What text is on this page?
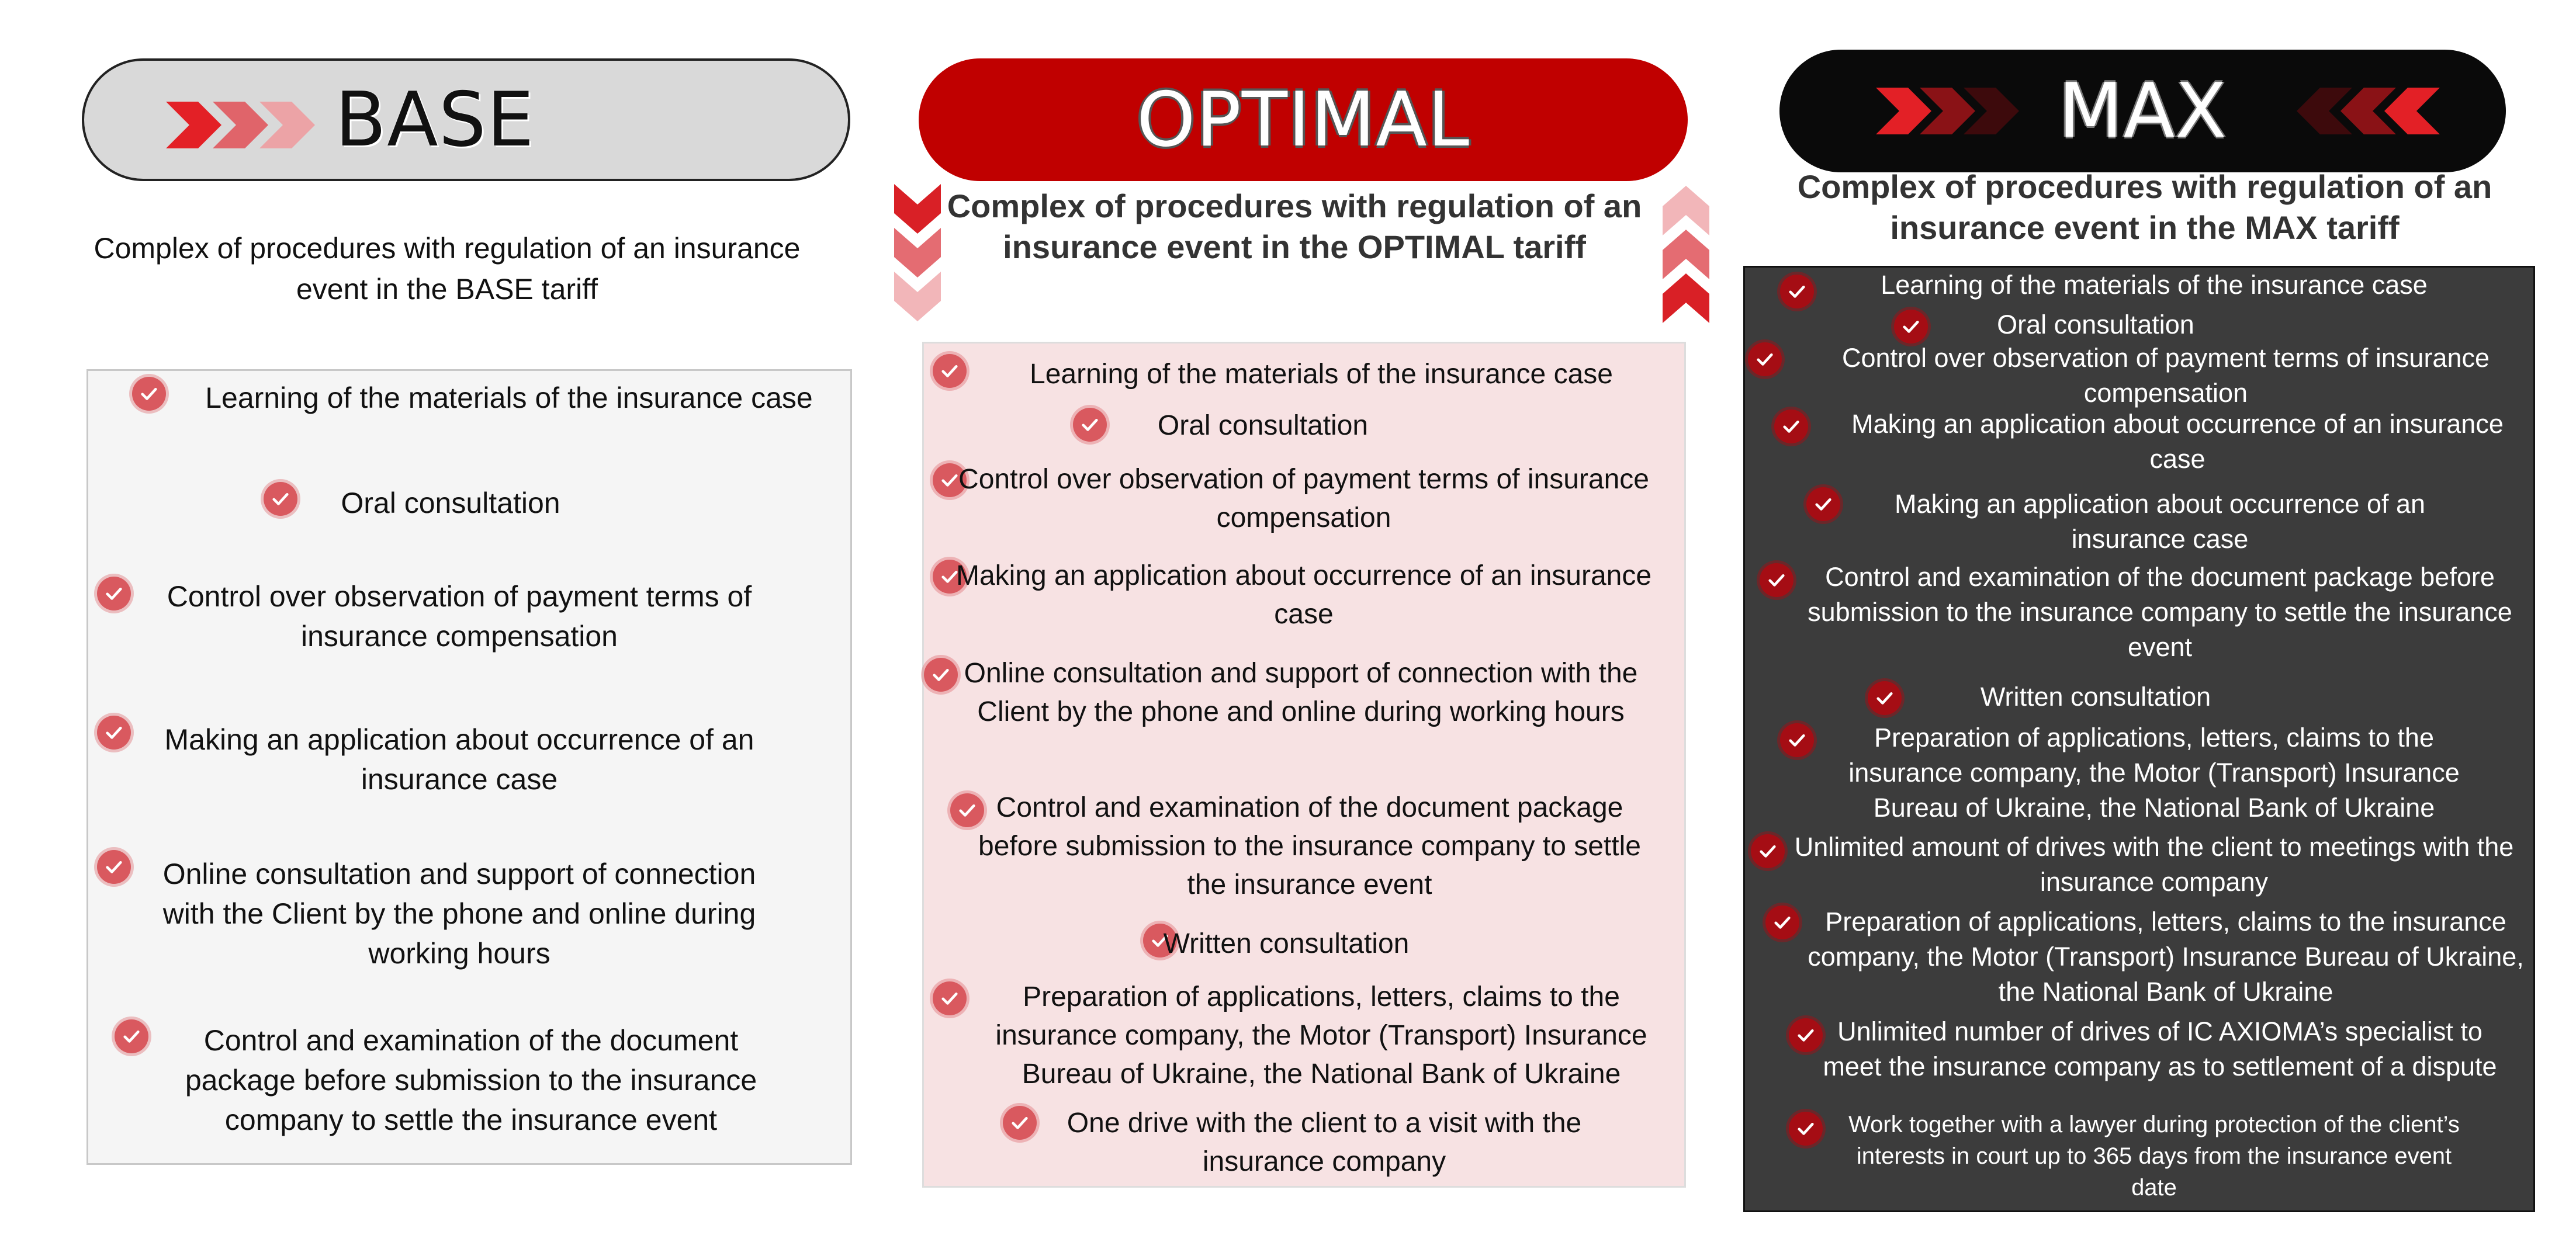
BASE
Complex of procedures with regulation of an insurance event in the BASE tariff
Learning of the materials of the insurance case
Oral consultation
Control over observation of payment terms of insurance compensation
Making an application about occurrence of an insurance case
Online consultation and support of connection with the Client by the phone and online during working hours
Control and examination of the document package before submission to the insurance company to settle the insurance event
OPTIMAL
Complex of procedures with regulation of an insurance event in the OPTIMAL tariff
Learning of the materials of the insurance case
Oral consultation
Control over observation of payment terms of insurance compensation
Making an application about occurrence of an insurance case
Online consultation and support of connection with the Client by the phone and online during working hours
Control and examination of the document package before submission to the insurance company to settle the insurance event
Written consultation
Preparation of applications, letters, claims to the insurance company, the Motor (Transport) Insurance Bureau of Ukraine, the National Bank of Ukraine
One drive with the client to a visit with the insurance company
MAX
Complex of procedures with regulation of an insurance event in the MAX tariff
Learning of the materials of the insurance case
Oral consultation
Control over observation of payment terms of insurance compensation
Making an application about occurrence of an insurance case
Making an application about occurrence of an insurance case
Control and examination of the document package before submission to the insurance company to settle the insurance event
Written consultation
Preparation of applications, letters, claims to the insurance company, the Motor (Transport) Insurance Bureau of Ukraine, the National Bank of Ukraine
Unlimited amount of drives with the client to meetings with the insurance company
Preparation of applications, letters, claims to the insurance company, the Motor (Transport) Insurance Bureau of Ukraine, the National Bank of Ukraine
Unlimited number of drives of IC AXIOMA’s specialist to meet the insurance company as to settlement of a dispute
Work together with a lawyer during protection of the client’s interests in court up to 365 days from the insurance event date
